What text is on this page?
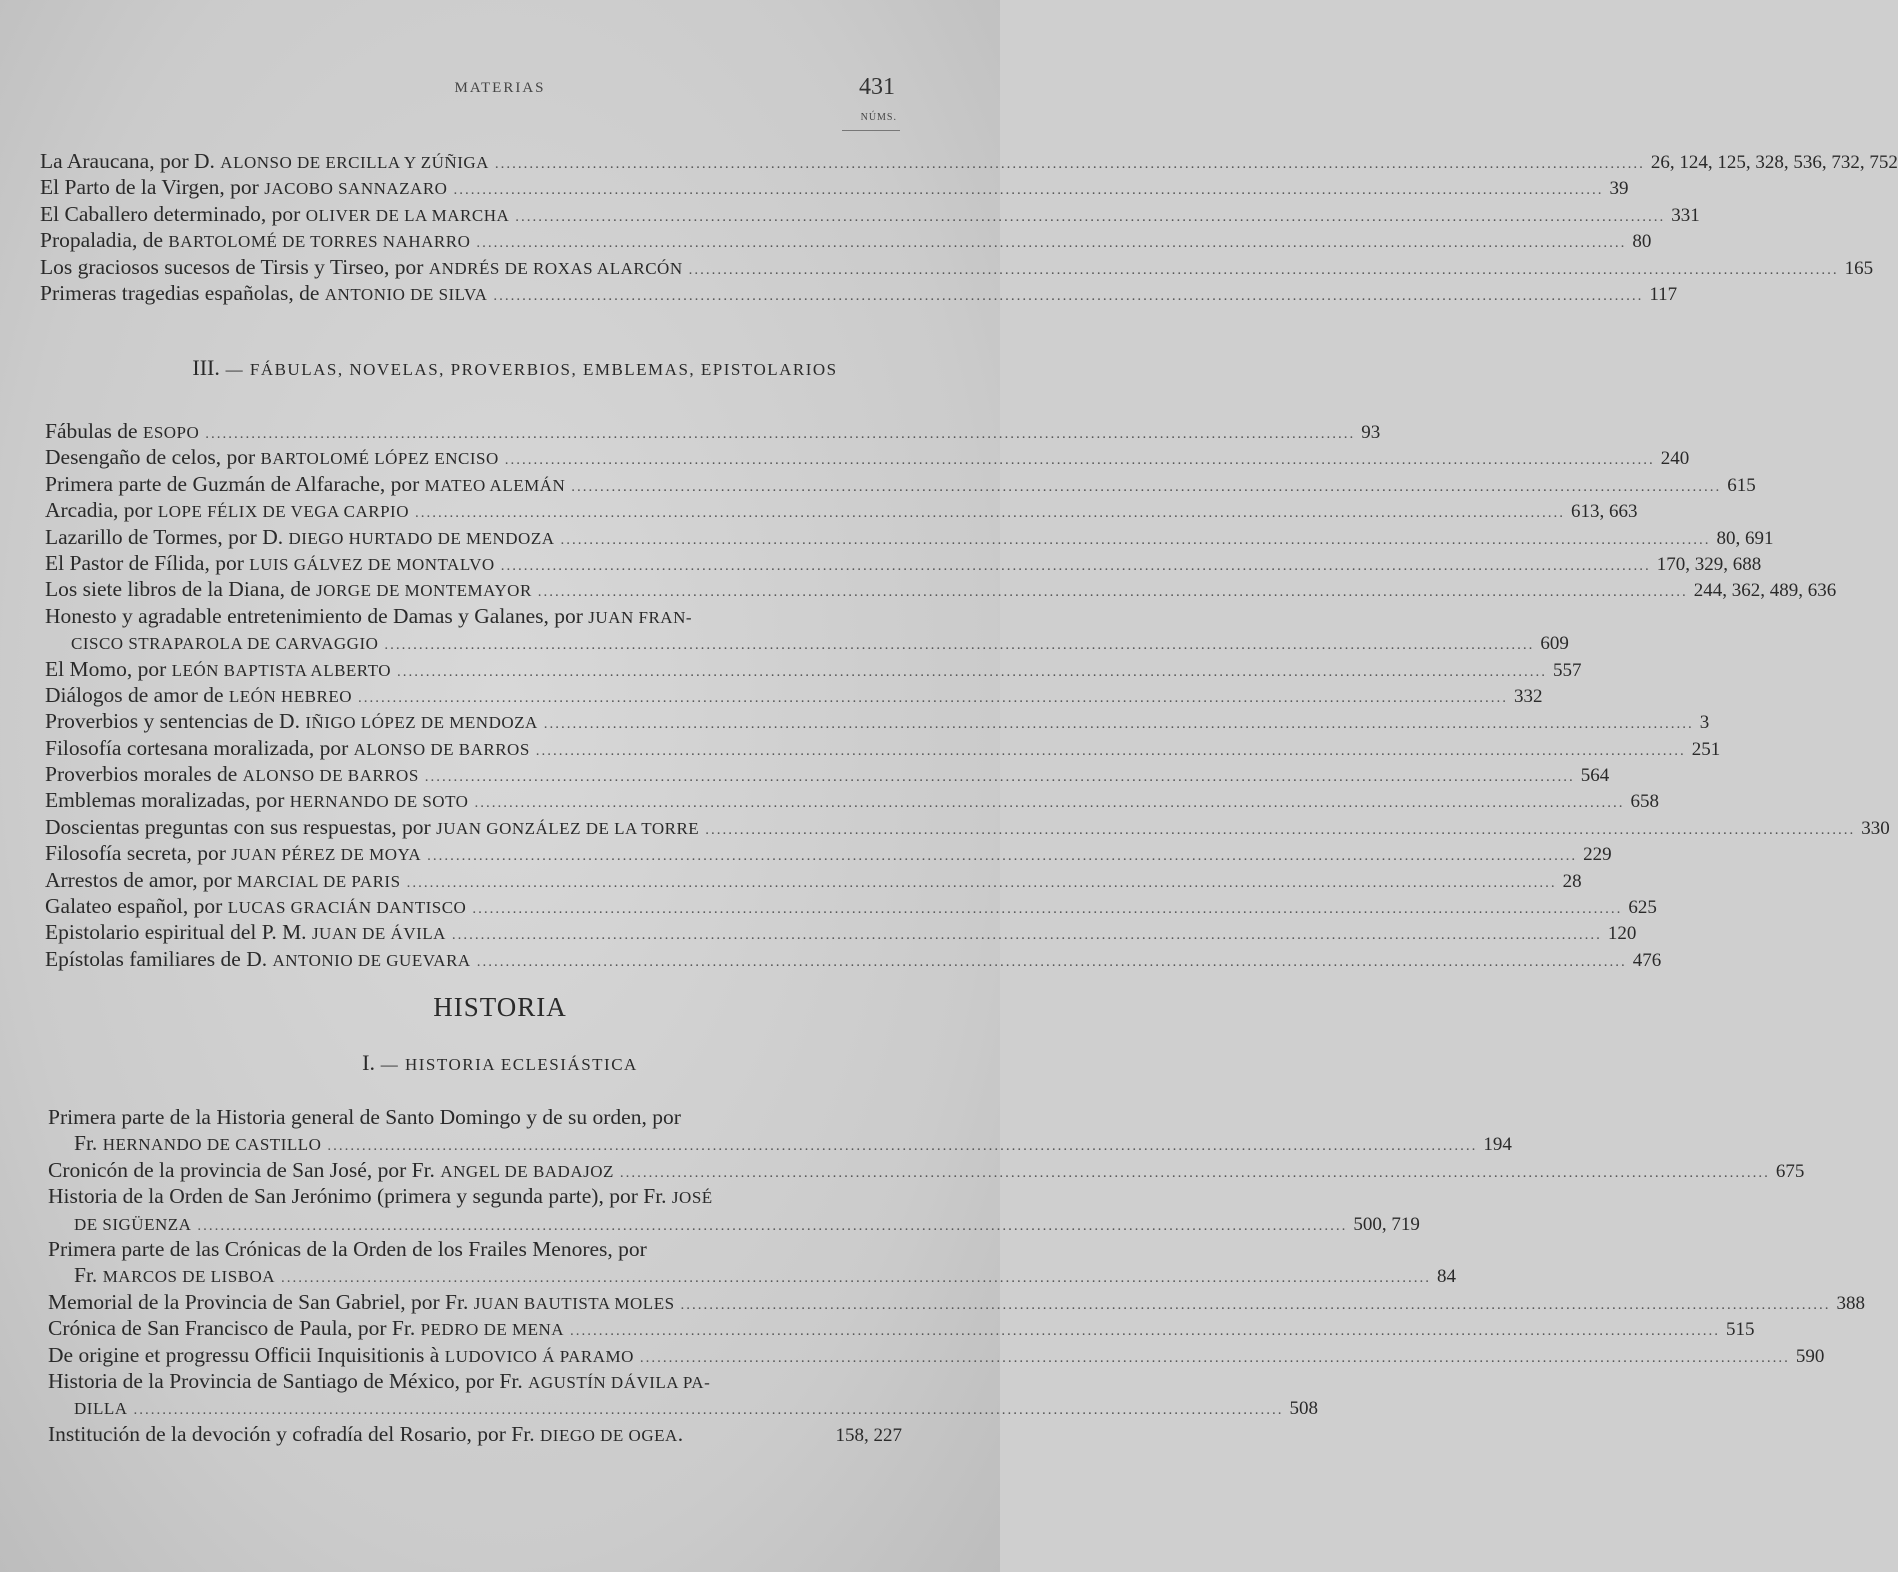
MATERIAS	431
NÚMS.
La Araucana, por D. ALONSO DE ERCILLA Y ZÚÑIGA ........................................................................................................................................................................................................ 26, 124, 125, 328, 536, 732, 752
El Parto de la Virgen, por JACOBO SANNAZARO ........................................................................................................................................................................................................ 39
El Caballero determinado, por OLIVER DE LA MARCHA ........................................................................................................................................................................................................ 331
Propaladia, de BARTOLOMÉ DE TORRES NAHARRO ........................................................................................................................................................................................................ 80
Los graciosos sucesos de Tirsis y Tirseo, por ANDRÉS DE ROXAS ALARCÓN ........................................................................................................................................................................................................ 165
Primeras tragedias españolas, de ANTONIO DE SILVA ........................................................................................................................................................................................................ 117
III. — FÁBULAS, NOVELAS, PROVERBIOS, EMBLEMAS, EPISTOLARIOS
Fábulas de ESOPO ........................................................................................................................................................................................................ 93
Desengaño de celos, por BARTOLOMÉ LÓPEZ ENCISO ........................................................................................................................................................................................................ 240
Primera parte de Guzmán de Alfarache, por MATEO ALEMÁN ........................................................................................................................................................................................................ 615
Arcadia, por LOPE FÉLIX DE VEGA CARPIO ........................................................................................................................................................................................................ 613, 663
Lazarillo de Tormes, por D. DIEGO HURTADO DE MENDOZA ........................................................................................................................................................................................................ 80, 691
El Pastor de Fílida, por LUIS GÁLVEZ DE MONTALVO ........................................................................................................................................................................................................ 170, 329, 688
Los siete libros de la Diana, de JORGE DE MONTEMAYOR ........................................................................................................................................................................................................ 244, 362, 489, 636
Honesto y agradable entretenimiento de Damas y Galanes, por JUAN FRAN-
CISCO STRAPAROLA DE CARVAGGIO ........................................................................................................................................................................................................ 609
El Momo, por LEÓN BAPTISTA ALBERTO ........................................................................................................................................................................................................ 557
Diálogos de amor de LEÓN HEBREO ........................................................................................................................................................................................................ 332
Proverbios y sentencias de D. IÑIGO LÓPEZ DE MENDOZA ........................................................................................................................................................................................................ 3
Filosofía cortesana moralizada, por ALONSO DE BARROS ........................................................................................................................................................................................................ 251
Proverbios morales de ALONSO DE BARROS ........................................................................................................................................................................................................ 564
Emblemas moralizadas, por HERNANDO DE SOTO ........................................................................................................................................................................................................ 658
Doscientas preguntas con sus respuestas, por JUAN GONZÁLEZ DE LA TORRE ........................................................................................................................................................................................................ 330
Filosofía secreta, por JUAN PÉREZ DE MOYA ........................................................................................................................................................................................................ 229
Arrestos de amor, por MARCIAL DE PARIS ........................................................................................................................................................................................................ 28
Galateo español, por LUCAS GRACIÁN DANTISCO ........................................................................................................................................................................................................ 625
Epistolario espiritual del P. M. JUAN DE ÁVILA ........................................................................................................................................................................................................ 120
Epístolas familiares de D. ANTONIO DE GUEVARA ........................................................................................................................................................................................................ 476
HISTORIA
I. — HISTORIA ECLESIÁSTICA
Primera parte de la Historia general de Santo Domingo y de su orden, por
Fr. HERNANDO DE CASTILLO ........................................................................................................................................................................................................ 194
Cronicón de la provincia de San José, por Fr. ANGEL DE BADAJOZ ........................................................................................................................................................................................................ 675
Historia de la Orden de San Jerónimo (primera y segunda parte), por Fr. JOSÉ
DE SIGÜENZA ........................................................................................................................................................................................................ 500, 719
Primera parte de las Crónicas de la Orden de los Frailes Menores, por
Fr. MARCOS DE LISBOA ........................................................................................................................................................................................................ 84
Memorial de la Provincia de San Gabriel, por Fr. JUAN BAUTISTA MOLES ........................................................................................................................................................................................................ 388
Crónica de San Francisco de Paula, por Fr. PEDRO DE MENA ........................................................................................................................................................................................................ 515
De origine et progressu Officii Inquisitionis à LUDOVICO Á PARAMO ........................................................................................................................................................................................................ 590
Historia de la Provincia de Santiago de México, por Fr. AGUSTÍN DÁVILA PA-
DILLA ........................................................................................................................................................................................................ 508
Institución de la devoción y cofradía del Rosario, por Fr. DIEGO DE OGEA.	158, 227
